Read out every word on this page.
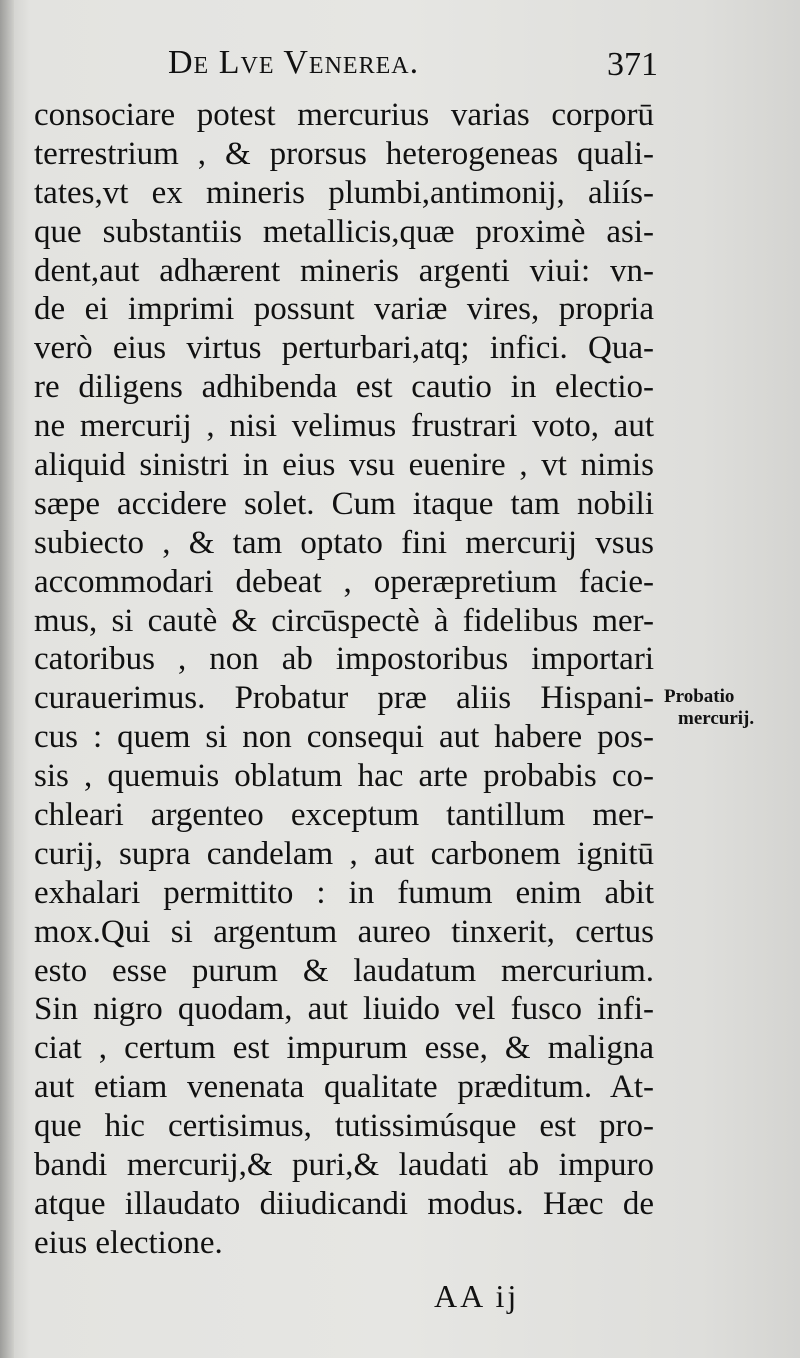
De Lve Venerea.	371
consociare potest mercurius varias corporū
terrestrium , & prorsus heterogeneas quali-
tates,vt ex mineris plumbi,antimonij, aliís-
que substantiis metallicis,quæ proximè asi-
dent,aut adhærent mineris argenti viui: vn-
de ei imprimi possunt variæ vires, propria
verò eius virtus perturbari,atq; infici. Qua-
re diligens adhibenda est cautio in electio-
ne mercurij , nisi velimus frustrari voto, aut
aliquid sinistri in eius vsu euenire , vt nimis
sæpe accidere solet. Cum itaque tam nobili
subiecto , & tam optato fini mercurij vsus
accommodari debeat , operæpretium facie-
mus, si cautè & circūspectè à fidelibus mer-
catoribus , non ab impostoribus importari
curauerimus. Probatur præ aliis Hispani-
cus : quem si non consequi aut habere pos-
sis , quemuis oblatum hac arte probabis co-
chleari argenteo exceptum tantillum mer-
curij, supra candelam , aut carbonem ignitū
exhalari permittito : in fumum enim abit
mox.Qui si argentum aureo tinxerit, certus
esto esse purum & laudatum mercurium.
Sin nigro quodam, aut liuido vel fusco infi-
ciat , certum est impurum esse, & maligna
aut etiam venenata qualitate præditum. At-
que hic certisimus, tutissimúsque est pro-
bandi mercurij,& puri,& laudati ab impuro
atque illaudato diiudicandi modus. Hæc de
eius electione.
Probatio
mercurij.
AA ij
